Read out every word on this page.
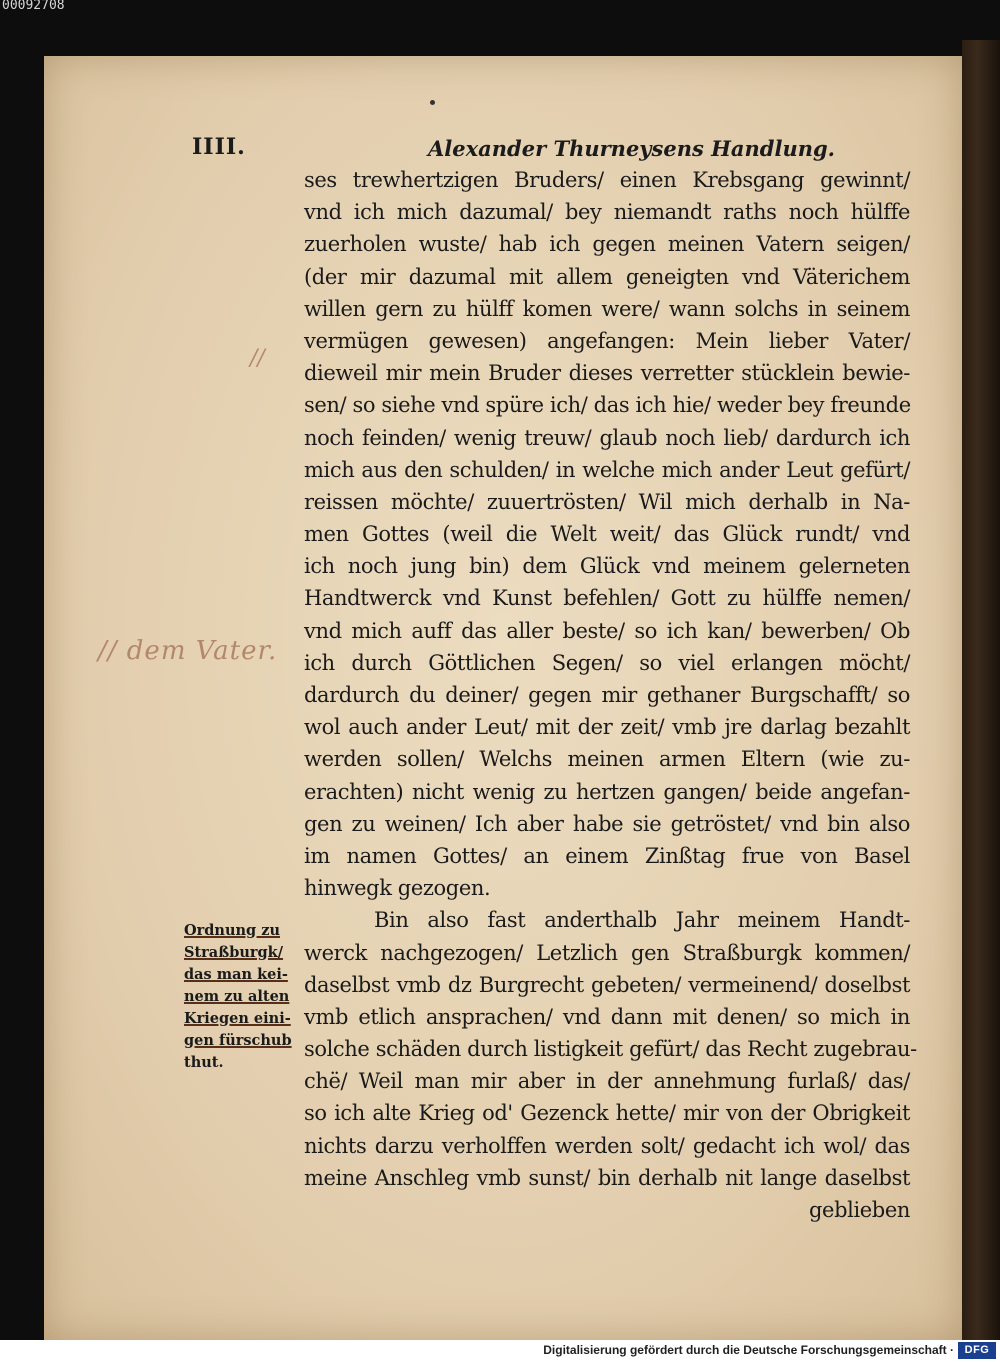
00092708
IIII.	Alexander Thurneysens Handlung.
//
// dem Vater.
ses trewhertzigen Bruders/ einen Krebsgang gewinnt/
vnd ich mich dazumal/ bey niemandt raths noch hülffe
zuerholen wuste/ hab ich gegen meinen Vatern seigen/
(der mir dazumal mit allem geneigten vnd Väterichem
willen gern zu hülff komen were/ wann solchs in seinem
vermügen gewesen) angefangen: Mein lieber Vater/
dieweil mir mein Bruder dieses verretter stücklein bewie-
sen/ so siehe vnd spüre ich/ das ich hie/ weder bey freunde
noch feinden/ wenig treuw/ glaub noch lieb/ dardurch ich
mich aus den schulden/ in welche mich ander Leut gefürt/
reissen möchte/ zuuertrösten/ Wil mich derhalb in Na-
men Gottes (weil die Welt weit/ das Glück rundt/ vnd
ich noch jung bin) dem Glück vnd meinem gelerneten
Handtwerck vnd Kunst befehlen/ Gott zu hülffe nemen/
vnd mich auff das aller beste/ so ich kan/ bewerben/ Ob
ich durch Göttlichen Segen/ so viel erlangen möcht/
dardurch du deiner/ gegen mir gethaner Burgschafft/ so
wol auch ander Leut/ mit der zeit/ vmb jre darlag bezahlt
werden sollen/ Welchs meinen armen Eltern (wie zu-
erachten) nicht wenig zu hertzen gangen/ beide angefan-
gen zu weinen/ Ich aber habe sie getröstet/ vnd bin also
im namen Gottes/ an einem Zinßtag frue von Basel
hinwegk gezogen.
Bin also fast anderthalb Jahr meinem Handt-
werck nachgezogen/ Letzlich gen Straßburgk kommen/
daselbst vmb dz Burgrecht gebeten/ vermeinend/ doselbst
vmb etlich ansprachen/ vnd dann mit denen/ so mich in
solche schäden durch listigkeit gefürt/ das Recht zugebrau-
chë/ Weil man mir aber in der annehmung furlaß/ das/
so ich alte Krieg od' Gezenck hette/ mir von der Obrigkeit
nichts darzu verholffen werden solt/ gedacht ich wol/ das
meine Anschleg vmb sunst/ bin derhalb nit lange daselbst
geblieben
Ordnung zu
Straßburgk/
das man kei-
nem zu alten
Kriegen eini-
gen fürschub
thut.
Digitalisierung gefördert durch die Deutsche Forschungsgemeinschaft · DFG
